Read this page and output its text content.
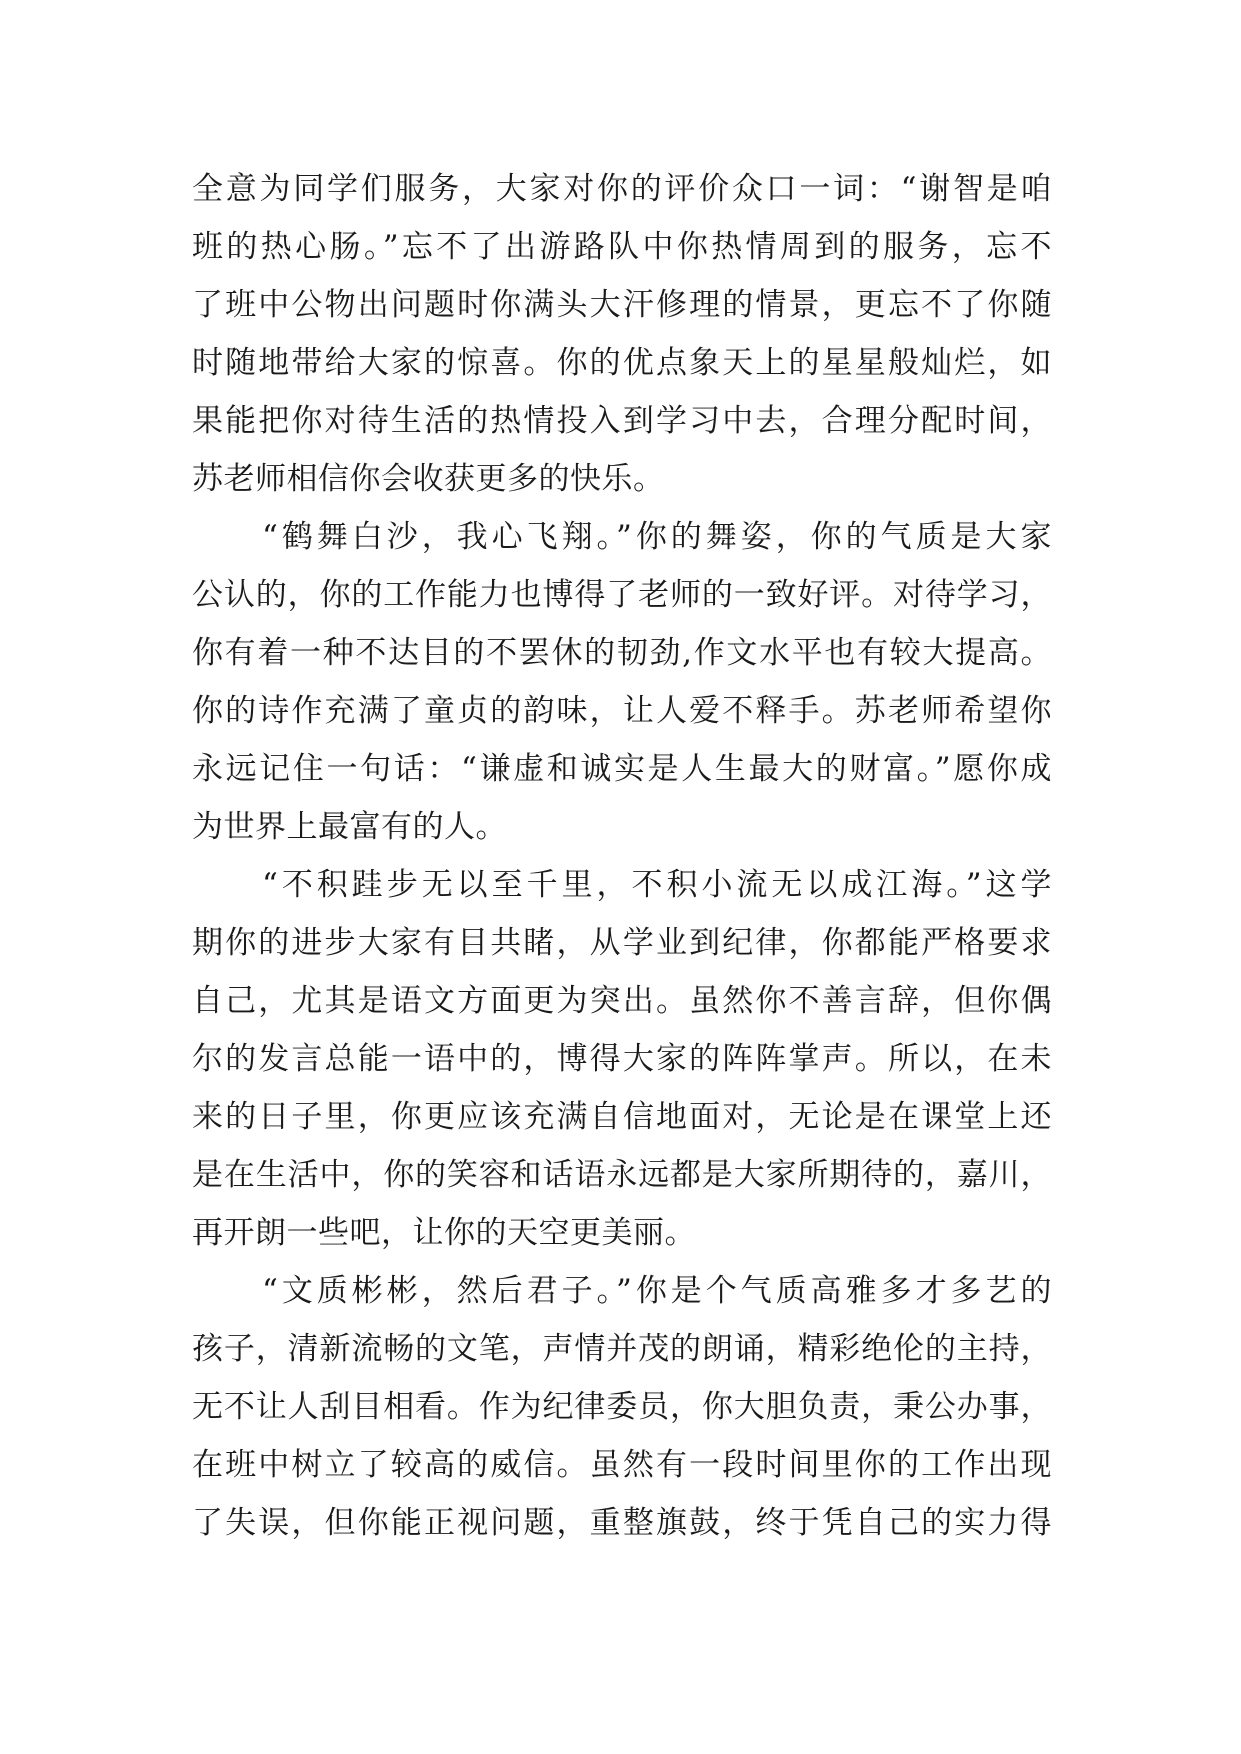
全意为同学们服务，大家对你的评价众口一词：“谢智是咱
班的热心肠。”忘不了出游路队中你热情周到的服务，忘不
了班中公物出问题时你满头大汗修理的情景，更忘不了你随
时随地带给大家的惊喜。你的优点象天上的星星般灿烂，如
果能把你对待生活的热情投入到学习中去，合理分配时间，
苏老师相信你会收获更多的快乐。
“鹤舞白沙，我心飞翔。”你的舞姿，你的气质是大家
公认的，你的工作能力也博得了老师的一致好评。对待学习，
你有着一种不达目的不罢休的韧劲,作文水平也有较大提高。
你的诗作充满了童贞的韵味，让人爱不释手。苏老师希望你
永远记住一句话：“谦虚和诚实是人生最大的财富。”愿你成
为世界上最富有的人。
“不积跬步无以至千里，不积小流无以成江海。”这学
期你的进步大家有目共睹，从学业到纪律，你都能严格要求
自己，尤其是语文方面更为突出。虽然你不善言辞，但你偶
尔的发言总能一语中的，博得大家的阵阵掌声。所以，在未
来的日子里，你更应该充满自信地面对，无论是在课堂上还
是在生活中，你的笑容和话语永远都是大家所期待的，嘉川，
再开朗一些吧，让你的天空更美丽。
“文质彬彬，然后君子。”你是个气质高雅多才多艺的
孩子，清新流畅的文笔，声情并茂的朗诵，精彩绝伦的主持，
无不让人刮目相看。作为纪律委员，你大胆负责，秉公办事，
在班中树立了较高的威信。虽然有一段时间里你的工作出现
了失误，但你能正视问题，重整旗鼓，终于凭自己的实力得
